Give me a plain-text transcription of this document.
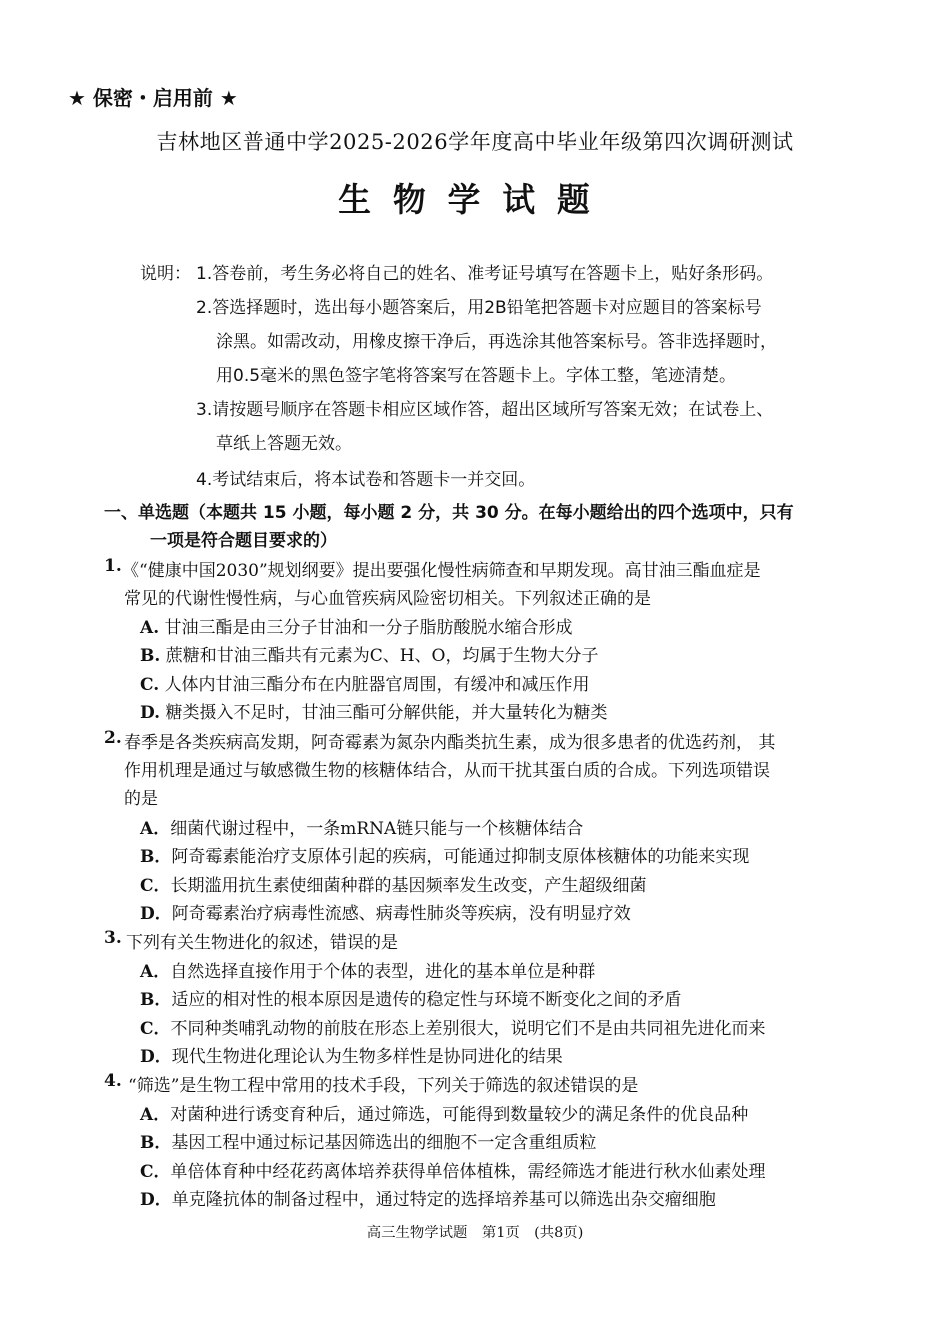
★ 保密・启用前 ★
吉林地区普通中学2025-2026学年度高中毕业年级第四次调研测试
生物学试题
说明： 1.答卷前，考生务必将自己的姓名、准考证号填写在答题卡上，贴好条形码。
2.答选择题时，选出每小题答案后，用2B铅笔把答题卡对应题目的答案标号
涂黑。如需改动，用橡皮擦干净后，再选涂其他答案标号。答非选择题时，
用0.5毫米的黑色签字笔将答案写在答题卡上。字体工整，笔迹清楚。
3.请按题号顺序在答题卡相应区域作答，超出区域所写答案无效；在试卷上、
草纸上答题无效。
4.考试结束后，将本试卷和答题卡一并交回。
一、单选题（本题共 15 小题，每小题 2 分，共 30 分。在每小题给出的四个选项中，只有
一项是符合题目要求的）
1. 《“健康中国2030”规划纲要》提出要强化慢性病筛查和早期发现。高甘油三酯血症是
常见的代谢性慢性病，与心血管疾病风险密切相关。下列叙述正确的是
A. 甘油三酯是由三分子甘油和一分子脂肪酸脱水缩合形成
B. 蔗糖和甘油三酯共有元素为C、H、O，均属于生物大分子
C. 人体内甘油三酯分布在内脏器官周围，有缓冲和减压作用
D. 糖类摄入不足时，甘油三酯可分解供能，并大量转化为糖类
2. 春季是各类疾病高发期，阿奇霉素为氮杂内酯类抗生素，成为很多患者的优选药剂， 其
作用机理是通过与敏感微生物的核糖体结合，从而干扰其蛋白质的合成。下列选项错误
的是
A．细菌代谢过程中，一条mRNA链只能与一个核糖体结合
B．阿奇霉素能治疗支原体引起的疾病，可能通过抑制支原体核糖体的功能来实现
C．长期滥用抗生素使细菌种群的基因频率发生改变，产生超级细菌
D．阿奇霉素治疗病毒性流感、病毒性肺炎等疾病，没有明显疗效
3. 下列有关生物进化的叙述，错误的是
A．自然选择直接作用于个体的表型，进化的基本单位是种群
B．适应的相对性的根本原因是遗传的稳定性与环境不断变化之间的矛盾
C．不同种类哺乳动物的前肢在形态上差别很大，说明它们不是由共同祖先进化而来
D．现代生物进化理论认为生物多样性是协同进化的结果
4. “筛选”是生物工程中常用的技术手段，下列关于筛选的叙述错误的是
A．对菌种进行诱变育种后，通过筛选，可能得到数量较少的满足条件的优良品种
B．基因工程中通过标记基因筛选出的细胞不一定含重组质粒
C．单倍体育种中经花药离体培养获得单倍体植株，需经筛选才能进行秋水仙素处理
D．单克隆抗体的制备过程中，通过特定的选择培养基可以筛选出杂交瘤细胞
高三生物学试题　第1页　(共8页)
